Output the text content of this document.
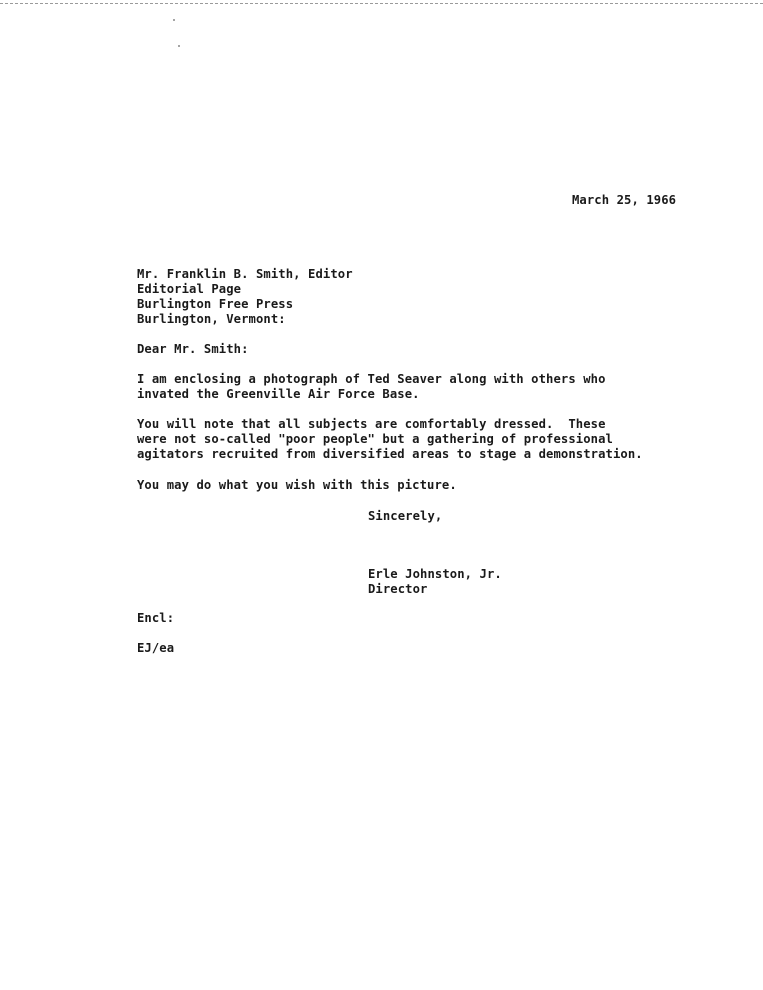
March 25, 1966
Mr. Franklin B. Smith, Editor
Editorial Page
Burlington Free Press
Burlington, Vermont:
Dear Mr. Smith:
I am enclosing a photograph of Ted Seaver along with others who
invated the Greenville Air Force Base.
You will note that all subjects are comfortably dressed.  These
were not so-called "poor people" but a gathering of professional
agitators recruited from diversified areas to stage a demonstration.
You may do what you wish with this picture.
Sincerely,
Erle Johnston, Jr.
Director
Encl:
EJ/ea
